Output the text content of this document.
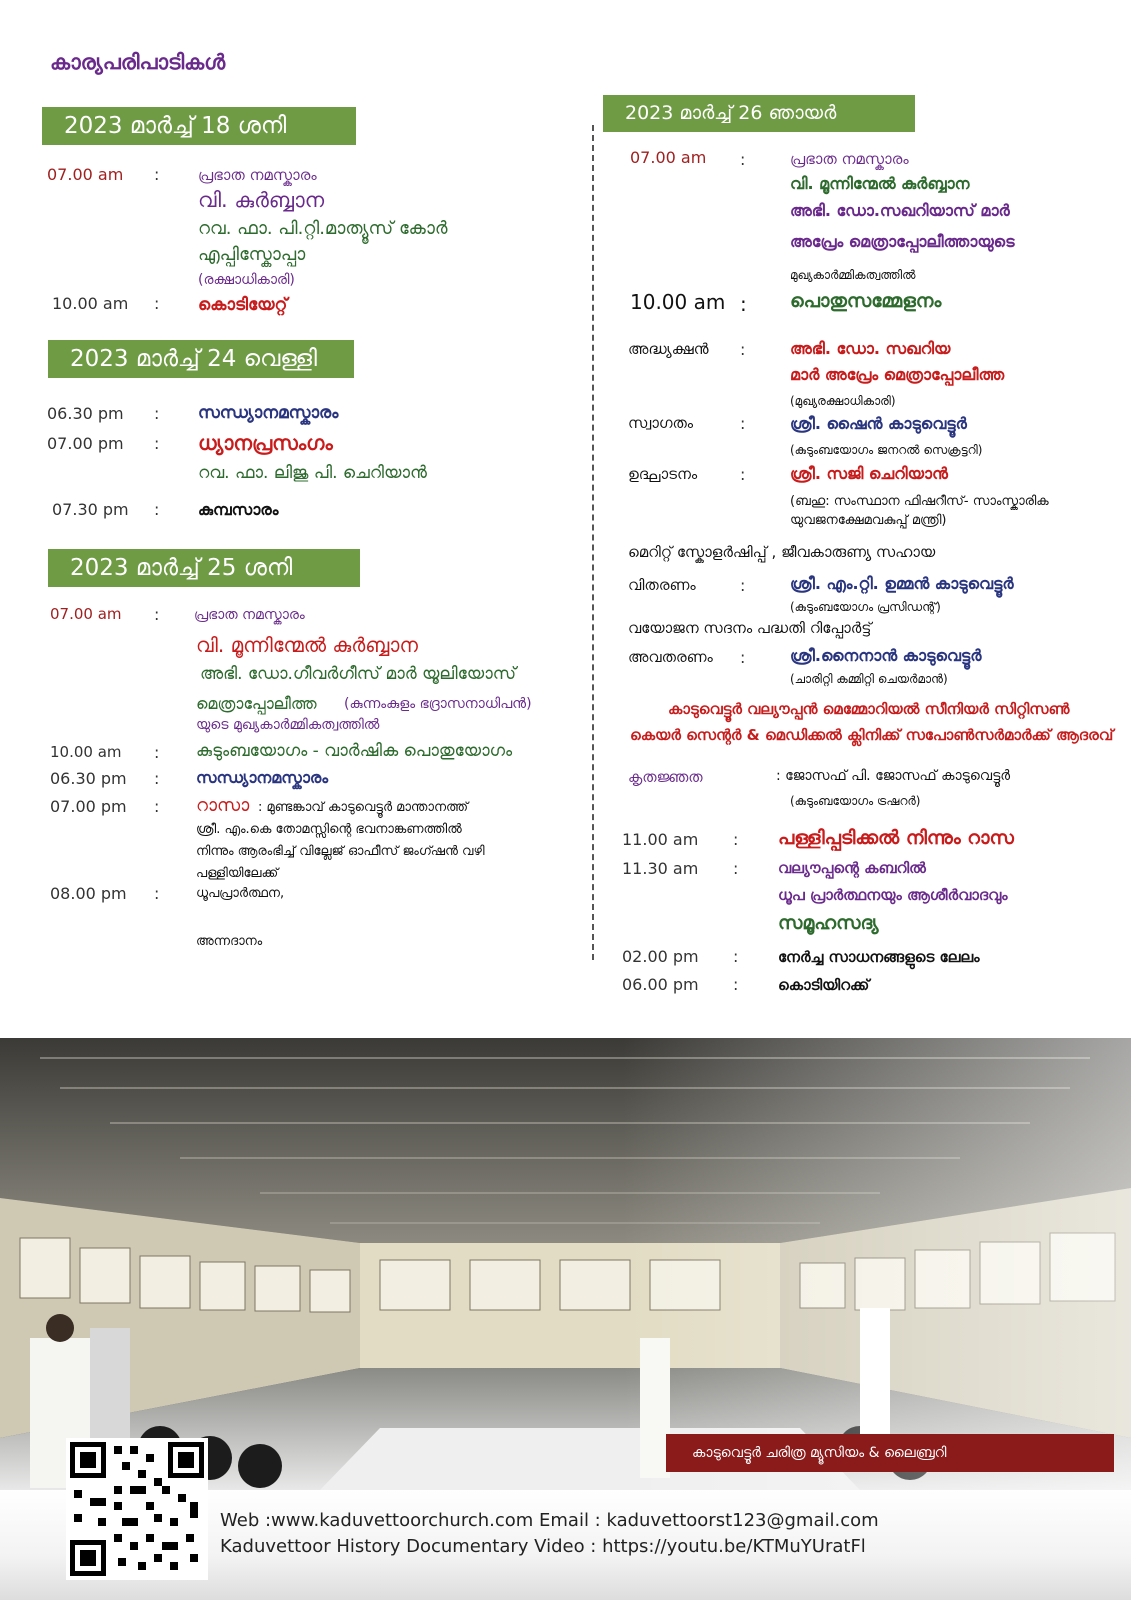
കാര്യപരിപാടികൾ
2023 മാർച്ച് 18 ശനി
07.00 am :	പ്രഭാത നമസ്കാരം
വി. കുർബ്ബാന
റവ. ഫാ. പി.റ്റി.മാത്യൂസ് കോർ
എപ്പിസ്കോപ്പാ
(രക്ഷാധികാരി)
10.00 am : കൊടിയേറ്റ്
2023 മാർച്ച് 24 വെള്ളി
06.30 pm : സന്ധ്യാനമസ്കാരം
07.00 pm : ധ്യാനപ്രസംഗം
റവ. ഫാ. ലിജു പി. ചെറിയാൻ
07.30 pm : കുമ്പസാരം
2023 മാർച്ച് 25 ശനി
07.00 am : പ്രഭാത നമസ്കാരം
വി. മൂന്നിന്മേൽ കുർബ്ബാന
അഭി. ഡോ.ഗീവർഗീസ് മാർ യൂലിയോസ്
മെത്രാപ്പോലീത്ത (കുന്നംകുളം ഭദ്രാസനാധിപൻ)
യുടെ മുഖ്യകാർമ്മികത്വത്തിൽ
10.00 am : കുടുംബയോഗം - വാർഷിക പൊതുയോഗം
06.30 pm : സന്ധ്യാനമസ്കാരം
07.00 pm : റാസാ : മുണ്ടങ്കാവ് കാടുവെട്ടൂർ മാന്താനത്ത്
ശ്രീ. എം.കെ തോമസ്സിന്റെ ഭവനാങ്കണത്തിൽ
നിന്നും ആരംഭിച്ച് വില്ലേജ് ഓഫീസ് ജംഗ്ഷൻ വഴി
പള്ളിയിലേക്ക്
08.00 pm :	ധൂപപ്രാർത്ഥന,
അന്നദാനം
2023 മാർച്ച് 26 ഞായർ
07.00 am :	പ്രഭാത നമസ്കാരം
വി. മൂന്നിന്മേൽ കുർബ്ബാന
അഭി. ഡോ.സഖറിയാസ് മാർ
അപ്രേം മെത്രാപ്പോലീത്തായുടെ
മുഖ്യകാർമ്മികത്വത്തിൽ
10.00 am : പൊതുസമ്മേളനം
അദ്ധ്യക്ഷൻ :	അഭി. ഡോ. സഖറിയ
മാർ അപ്രേം മെത്രാപ്പോലീത്ത
(മുഖ്യരക്ഷാധികാരി)
സ്വാഗതം	:	ശ്രീ. ഷൈൻ കാടുവെട്ടൂർ
(കുടുംബയോഗം ജനറൽ സെക്രട്ടറി)
ഉദ്ഘാടനം	:	ശ്രീ. സജി ചെറിയാൻ
(ബഹു: സംസ്ഥാന ഫിഷറീസ്- സാംസ്കാരിക
യുവജനക്ഷേമവകുപ്പ് മന്ത്രി)
മെറിറ്റ് സ്കോളർഷിപ്പ് , ജീവകാരുണ്യ സഹായ
വിതരണം	:	ശ്രീ. എം.റ്റി. ഉമ്മൻ കാടുവെട്ടൂർ
(കുടുംബയോഗം പ്രസിഡന്റ്)
വയോജന സദനം പദ്ധതി റിപ്പോർട്ട്
അവതരണം :	ശ്രീ.നൈനാൻ കാടുവെട്ടൂർ
(ചാരിറ്റി കമ്മിറ്റി ചെയർമാൻ)
കാടുവെട്ടൂർ വല്യൗപ്പൻ മെമ്മോറിയൽ സീനിയർ സിറ്റിസൺ
കെയർ സെന്റർ & മെഡിക്കൽ ക്ലിനിക്ക് സപോൺസർമാർക്ക് ആദരവ്
കൃതജ്ഞത	: ജോസഫ് പി. ജോസഫ് കാടുവെട്ടൂർ
(കുടുംബയോഗം ട്രഷറർ)
11.00 am : പള്ളിപ്പടിക്കൽ നിന്നും റാസ
11.30 am :	വല്യൗപ്പന്റെ കബറിൽ
ധൂപ പ്രാർത്ഥനയും ആശീർവാദവും
സമൂഹസദ്യ
02.00 pm :	നേർച്ച സാധനങ്ങളുടെ ലേലം
06.00 pm :	കൊടിയിറക്ക്
കാടുവെട്ടൂർ ചരിത്ര മ്യൂസിയം & ലൈബ്രറി
Web :www.kaduvettoorchurch.com Email : kaduvettoorst123@gmail.com
Kaduvettoor History Documentary Video : https://youtu.be/KTMuYUratFl
